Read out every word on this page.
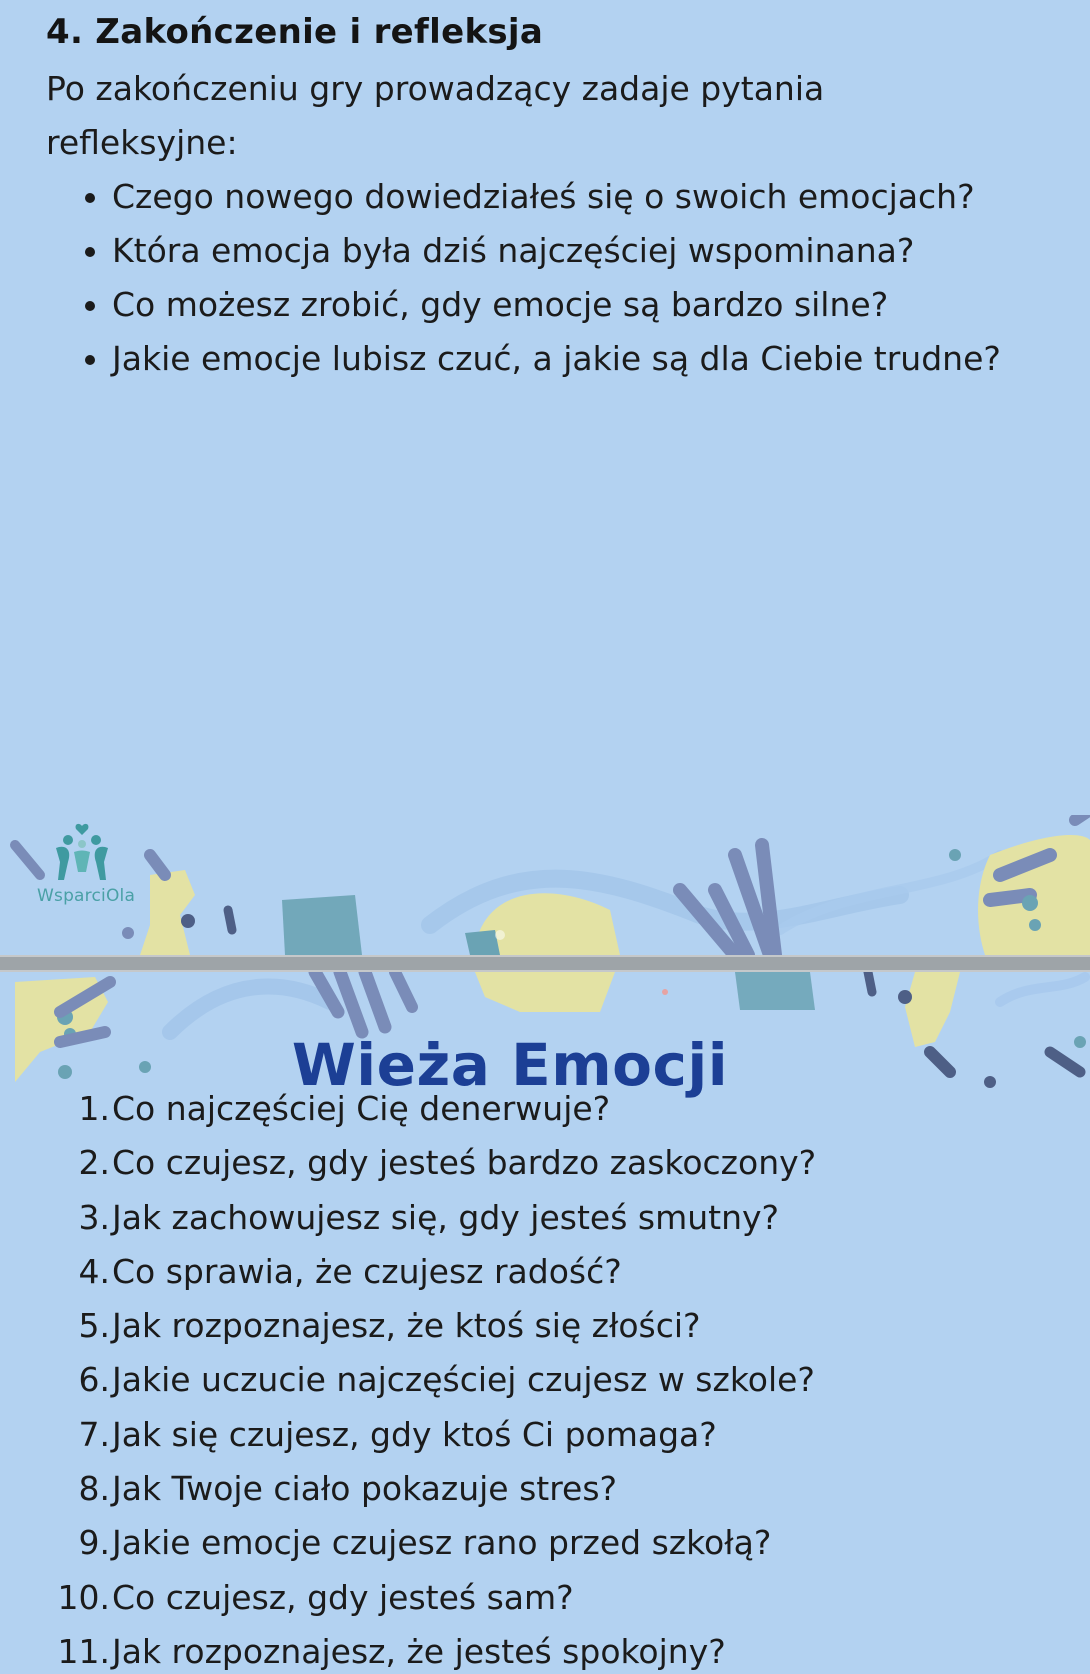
4. Zakończenie i refleksja

Po zakończeniu gry prowadzący zadaje pytania refleksyjne:

• Czego nowego dowiedziałeś się o swoich emocjach?
• Która emocja była dziś najczęściej wspominana?
• Co możesz zrobić, gdy emocje są bardzo silne?
• Jakie emocje lubisz czuć, a jakie są dla Ciebie trudne?
WsparciOla
Wieża Emocji
1. Co najczęściej Cię denerwuje?
2. Co czujesz, gdy jesteś bardzo zaskoczony?
3. Jak zachowujesz się, gdy jesteś smutny?
4. Co sprawia, że czujesz radość?
5. Jak rozpoznajesz, że ktoś się złości?
6. Jakie uczucie najczęściej czujesz w szkole?
7. Jak się czujesz, gdy ktoś Ci pomaga?
8. Jak Twoje ciało pokazuje stres?
9. Jakie emocje czujesz rano przed szkołą?
10. Co czujesz, gdy jesteś sam?
11. Jak rozpoznajesz, że jesteś spokojny?
